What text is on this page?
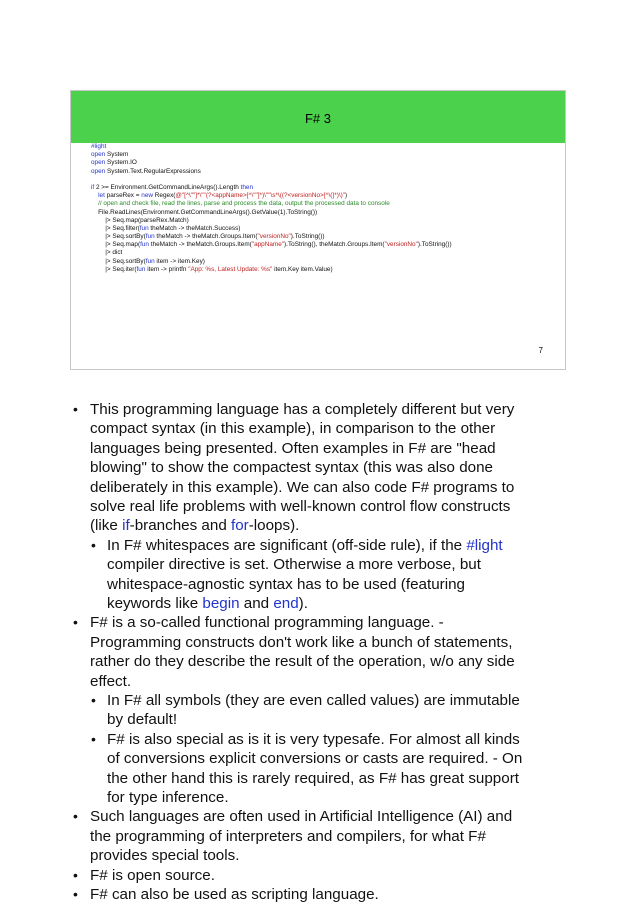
F# 3
#light
open System
open System.IO
open System.Text.RegularExpressions
if 2 >= Environment.GetCommandLineArgs().Length then
let parseRex = new Regex(@"[^\""]*\""(?<appName>[^\""]*)\""\s*\((?<versionNo>[^\(]*)\)")
// open and check file, read the lines, parse and process the data, output the processed data to console
File.ReadLines(Environment.GetCommandLineArgs().GetValue(1).ToString())
|> Seq.map(parseRex.Match)
|> Seq.filter(fun theMatch -> theMatch.Success)
|> Seq.sortBy(fun theMatch -> theMatch.Groups.Item("versionNo").ToString())
|> Seq.map(fun theMatch -> theMatch.Groups.Item("appName").ToString(), theMatch.Groups.Item("versionNo").ToString())
|> dict
|> Seq.sortBy(fun item -> item.Key)
|> Seq.iter(fun item -> printfn "App: %s, Latest Update: %s" item.Key item.Value)
7
• This programming language has a completely different but very
compact syntax (in this example), in comparison to the other
languages being presented. Often examples in F# are "head
blowing" to show the compactest syntax (this was also done
deliberately in this example). We can also code F# programs to
solve real life problems with well-known control flow constructs
(like if-branches and for-loops).
• In F# whitespaces are significant (off-side rule), if the #light
compiler directive is set. Otherwise a more verbose, but
whitespace-agnostic syntax has to be used (featuring
keywords like begin and end).
• F# is a so-called functional programming language. -
Programming constructs don't work like a bunch of statements,
rather do they describe the result of the operation, w/o any side
effect.
• In F# all symbols (they are even called values) are immutable
by default!
• F# is also special as is it is very typesafe. For almost all kinds
of conversions explicit conversions or casts are required. - On
the other hand this is rarely required, as F# has great support
for type inference.
• Such languages are often used in Artificial Intelligence (AI) and
the programming of interpreters and compilers, for what F#
provides special tools.
• F# is open source.
• F# can also be used as scripting language.
